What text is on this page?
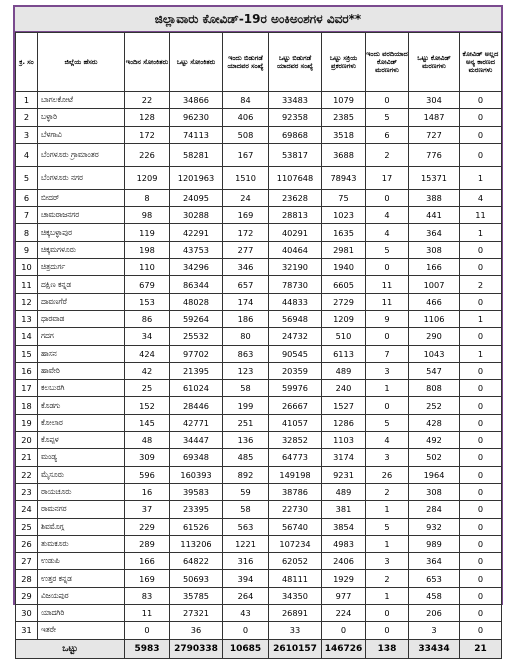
ಜಿಲ್ಲಾವಾರು ಕೋವಿಡ್-19ರ ಅಂಕಿಅಂಶಗಳ ವಿವರ**
ಕ್ರ. ಸಂ	ಜಿಲ್ಲೆಯ ಹೆಸರು	ಇಂದಿನ ಸೋಂಕಿತರು	ಒಟ್ಟು ಸೋಂಕಿತರು	ಇಂದು ಬಿಡುಗಡೆ ಯಾದವರ ಸಂಖ್ಯೆ	ಒಟ್ಟು ಬಿಡುಗಡೆ ಯಾದವರ ಸಂಖ್ಯೆ	ಒಟ್ಟು ಸಕ್ರಿಯ ಪ್ರಕರಣಗಳು	ಇಂದು ವರದಿಯಾದ ಕೋವಿಡ್ ಮರಣಗಳು	ಒಟ್ಟು ಕೋವಿಡ್ ಮರಣಗಳು	ಕೋವಿಡ್ ಅಲ್ಲದ ಅನ್ಯ ಕಾರಣದ ಮರಣಗಳು
1	ಬಾಗಲಕೋಟೆ	22	34866	84	33483	1079	0	304	0
2	ಬಳ್ಳಾರಿ	128	96230	406	92358	2385	5	1487	0
3	ಬೆಳಗಾವಿ	172	74113	508	69868	3518	6	727	0
4	ಬೆಂಗಳೂರು ಗ್ರಾಮಾಂತರ	226	58281	167	53817	3688	2	776	0
5	ಬೆಂಗಳೂರು ನಗರ	1209	1201963	1510	1107648	78943	17	15371	1
6	ಬೀದರ್	8	24095	24	23628	75	0	388	4
7	ಚಾಮರಾಜನಗರ	98	30288	169	28813	1023	4	441	11
8	ಚಿಕ್ಕಬಳ್ಳಾಪುರ	119	42291	172	40291	1635	4	364	1
9	ಚಿಕ್ಕಮಗಳೂರು	198	43753	277	40464	2981	5	308	0
10	ಚಿತ್ರದುರ್ಗ	110	34296	346	32190	1940	0	166	0
11	ದಕ್ಷಿಣ ಕನ್ನಡ	679	86344	657	78730	6605	11	1007	2
12	ದಾವಣಗೆರೆ	153	48028	174	44833	2729	11	466	0
13	ಧಾರವಾಡ	86	59264	186	56948	1209	9	1106	1
14	ಗದಗ	34	25532	80	24732	510	0	290	0
15	ಹಾಸನ	424	97702	863	90545	6113	7	1043	1
16	ಹಾವೇರಿ	42	21395	123	20359	489	3	547	0
17	ಕಲಬುರಗಿ	25	61024	58	59976	240	1	808	0
18	ಕೊಡಗು	152	28446	199	26667	1527	0	252	0
19	ಕೋಲಾರ	145	42771	251	41057	1286	5	428	0
20	ಕೊಪ್ಪಳ	48	34447	136	32852	1103	4	492	0
21	ಮಂಡ್ಯ	309	69348	485	64773	3174	3	502	0
22	ಮೈಸೂರು	596	160393	892	149198	9231	26	1964	0
23	ರಾಯಚೂರು	16	39583	59	38786	489	2	308	0
24	ರಾಮನಗರ	37	23395	58	22730	381	1	284	0
25	ಶಿವಮೊಗ್ಗ	229	61526	563	56740	3854	5	932	0
26	ತುಮಕೂರು	289	113206	1221	107234	4983	1	989	0
27	ಉಡುಪಿ	166	64822	316	62052	2406	3	364	0
28	ಉತ್ತರ ಕನ್ನಡ	169	50693	394	48111	1929	2	653	0
29	ವಿಜಯಪುರ	83	35785	264	34350	977	1	458	0
30	ಯಾದಗಿರಿ	11	27321	43	26891	224	0	206	0
31	ಇತರೇ	0	36	0	33	0	0	3	0
ಒಟ್ಟು		5983	2790338	10685	2610157	146726	138	33434	21
